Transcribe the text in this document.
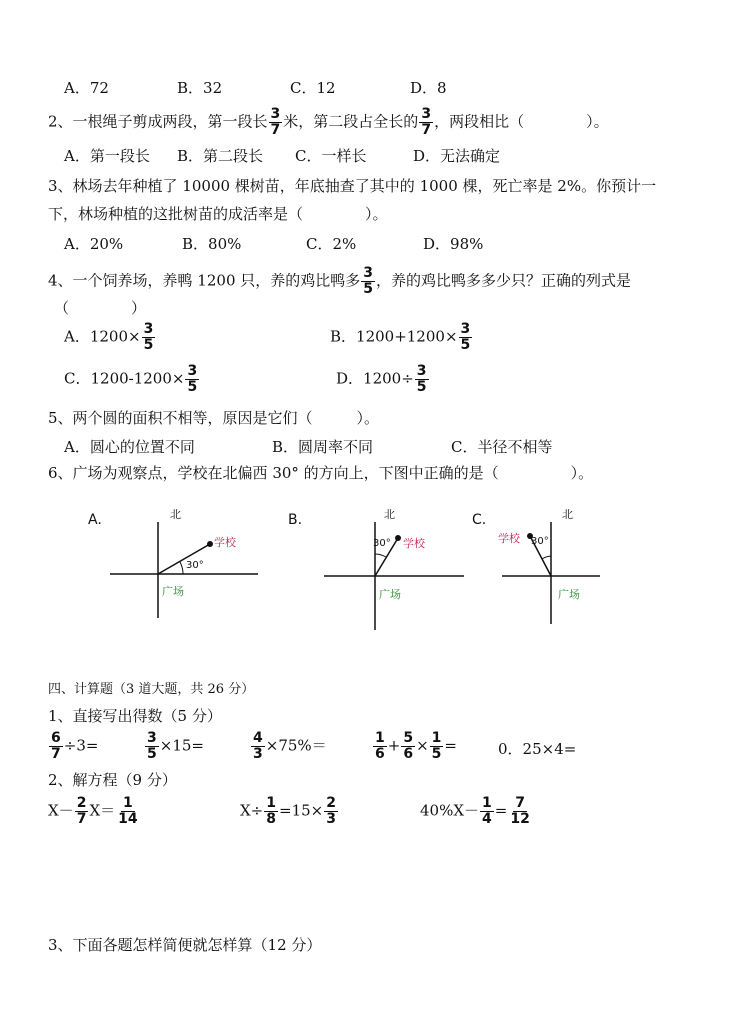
A．72	B．32	C．12	D．8
2、一根绳子剪成两段，第一段长 $\frac{3}{7}$ 米，第二段占全长的 $\frac{3}{7}$ ，两段相比（	）。
A．第一段长 B．第二段长 C．一样长	D．无法确定
3、林场去年种植了 10000 棵树苗，年底抽查了其中的 1000 棵，死亡率是 2%。你预计一
下，林场种植的这批树苗的成活率是（	）。
A．20%	B．80%	C．2%	D．98%
4、一个饲养场，养鸭 1200 只，养的鸡比鸭多 $\frac{3}{5}$ ，养的鸡比鸭多多少只？正确的列式是
（	）
A．$1200\times \frac{3}{5}$	B．$1200+1200\times \frac{3}{5}$
C．$1200-1200\times \frac{3}{5}$	D．$1200\div \frac{3}{5}$
5、两个圆的面积不相等，原因是它们（	）。
A．圆心的位置不同	B．圆周率不同	C．半径不相等
6、广场为观察点，学校在北偏西 30° 的方向上，下图中正确的是（	）。
A.	北
学校
30°
广场
B.	北
学校
30°
广场
C.	北
学校 30°
广场
四、计算题（3 道大题，共 26 分）
1、直接写出得数（5 分）
$\frac{6}{7} \div 3=$	$\frac{3}{5} \times 15=$	$\frac{4}{3} \times 75\%=$	$\frac{1}{6} + \frac{5}{6} \times \frac{1}{5}$ =	0．25×4=
2、解方程（9 分）
$X- \frac{2}{7} X= \frac{1}{14}$	$X\div \frac{1}{8} =15\times \frac{2}{3}$	$40\%X- \frac{1}{4} = \frac{7}{12}$
3、下面各题怎样简便就怎样算（12 分）
